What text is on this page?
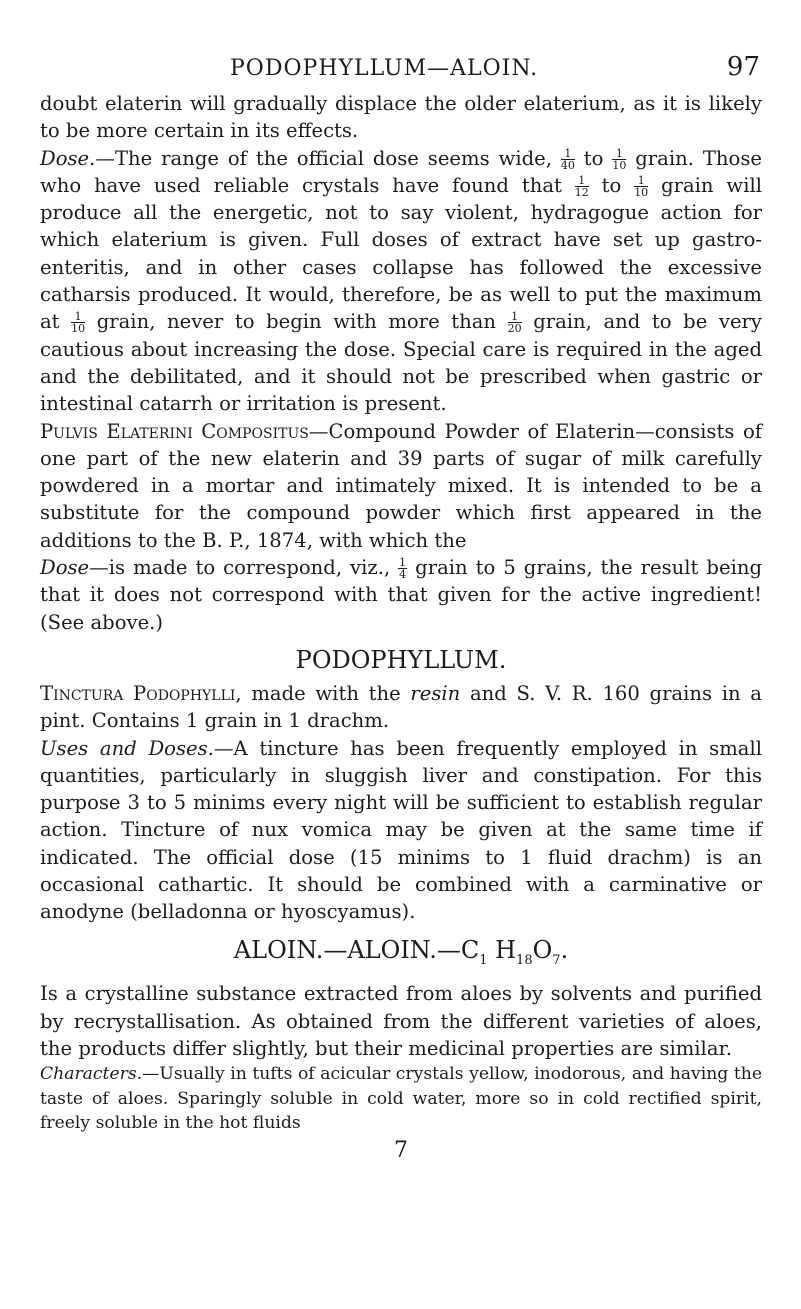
PODOPHYLLUM—ALOIN.	97

doubt elaterin will gradually displace the older elaterium, as it is likely to be more certain in its effects.

Dose.—The range of the official dose seems wide, $\frac{1}{40}$ to $\frac{1}{10}$ grain. Those who have used reliable crystals have found that $\frac{1}{12}$ to $\frac{1}{10}$ grain will produce all the energetic, not to say violent, hydragogue action for which elaterium is given. Full doses of extract have set up gastro-enteritis, and in other cases collapse has followed the excessive catharsis produced. It would, therefore, be as well to put the maximum at $\frac{1}{10}$ grain, never to begin with more than $\frac{1}{20}$ grain, and to be very cautious about increasing the dose. Special care is required in the aged and the debilitated, and it should not be prescribed when gastric or intestinal catarrh or irritation is present.

Pulvis Elaterini Compositus—Compound Powder of Elaterin—consists of one part of the new elaterin and 39 parts of sugar of milk carefully powdered in a mortar and intimately mixed. It is intended to be a substitute for the compound powder which first appeared in the additions to the B. P., 1874, with which the

Dose—is made to correspond, viz., $\frac{1}{4}$ grain to 5 grains, the result being that it does not correspond with that given for the active ingredient! (See above.)

PODOPHYLLUM.

Tinctura Podophylli, made with the resin and S. V. R. 160 grains in a pint. Contains 1 grain in 1 drachm.

Uses and Doses.—A tincture has been frequently employed in small quantities, particularly in sluggish liver and constipation. For this purpose 3 to 5 minims every night will be sufficient to establish regular action. Tincture of nux vomica may be given at the same time if indicated. The official dose (15 minims to 1 fluid drachm) is an occasional cathartic. It should be combined with a carminative or anodyne (belladonna or hyoscyamus).

$ALOIN.—ALOIN.—C_1$ $H_{18}O_7$.

Is a crystalline substance extracted from aloes by solvents and purified by recrystallisation. As obtained from the different varieties of aloes, the products differ slightly, but their medicinal properties are similar.

Characters.—Usually in tufts of acicular crystals yellow, inodorous, and having the taste of aloes. Sparingly soluble in cold water, more so in cold rectified spirit, freely soluble in the hot fluids

7
